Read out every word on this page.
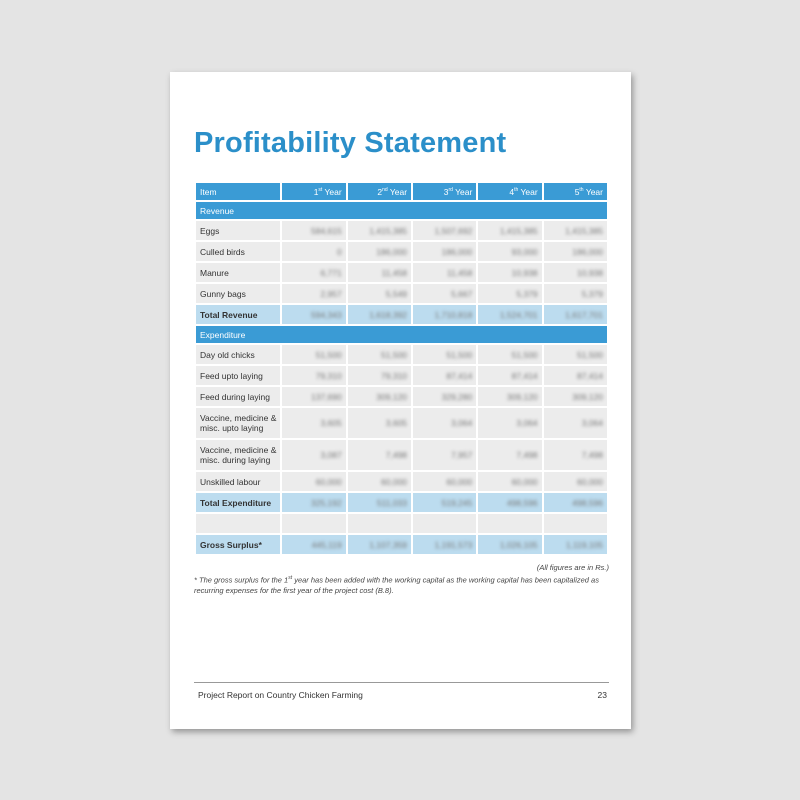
Profitability Statement
Item	1st Year	2nd Year	3rd Year	4th Year	5th Year
Revenue					
Eggs	584,615	1,415,385	1,507,692	1,415,385	1,415,385
Culled birds	0	186,000	186,000	93,000	186,000
Manure	6,771	11,458	11,458	10,938	10,938
Gunny bags	2,957	5,549	5,667	5,379	5,379
Total Revenue	594,343	1,618,392	1,710,818	1,524,701	1,617,701
Expenditure					
Day old chicks	51,500	51,500	51,500	51,500	51,500
Feed upto laying	79,310	79,310	87,414	87,414	87,414
Feed during laying	137,690	309,120	329,280	309,120	309,120
Vaccine, medicine & misc. upto laying	3,605	3,605	3,064	3,064	3,064
Vaccine, medicine & misc. during laying	3,087	7,498	7,957	7,498	7,498
Unskilled labour	60,000	60,000	60,000	60,000	60,000
Total Expenditure	325,192	511,033	519,245	498,596	498,596

Gross Surplus*	445,119	1,107,359	1,191,573	1,026,105	1,119,105
(All figures are in Rs.)
* The gross surplus for the 1st year has been added with the working capital as the working capital has been capitalized as recurring expenses for the first year of the project cost (B.8).
Project Report on Country Chicken Farming	23
